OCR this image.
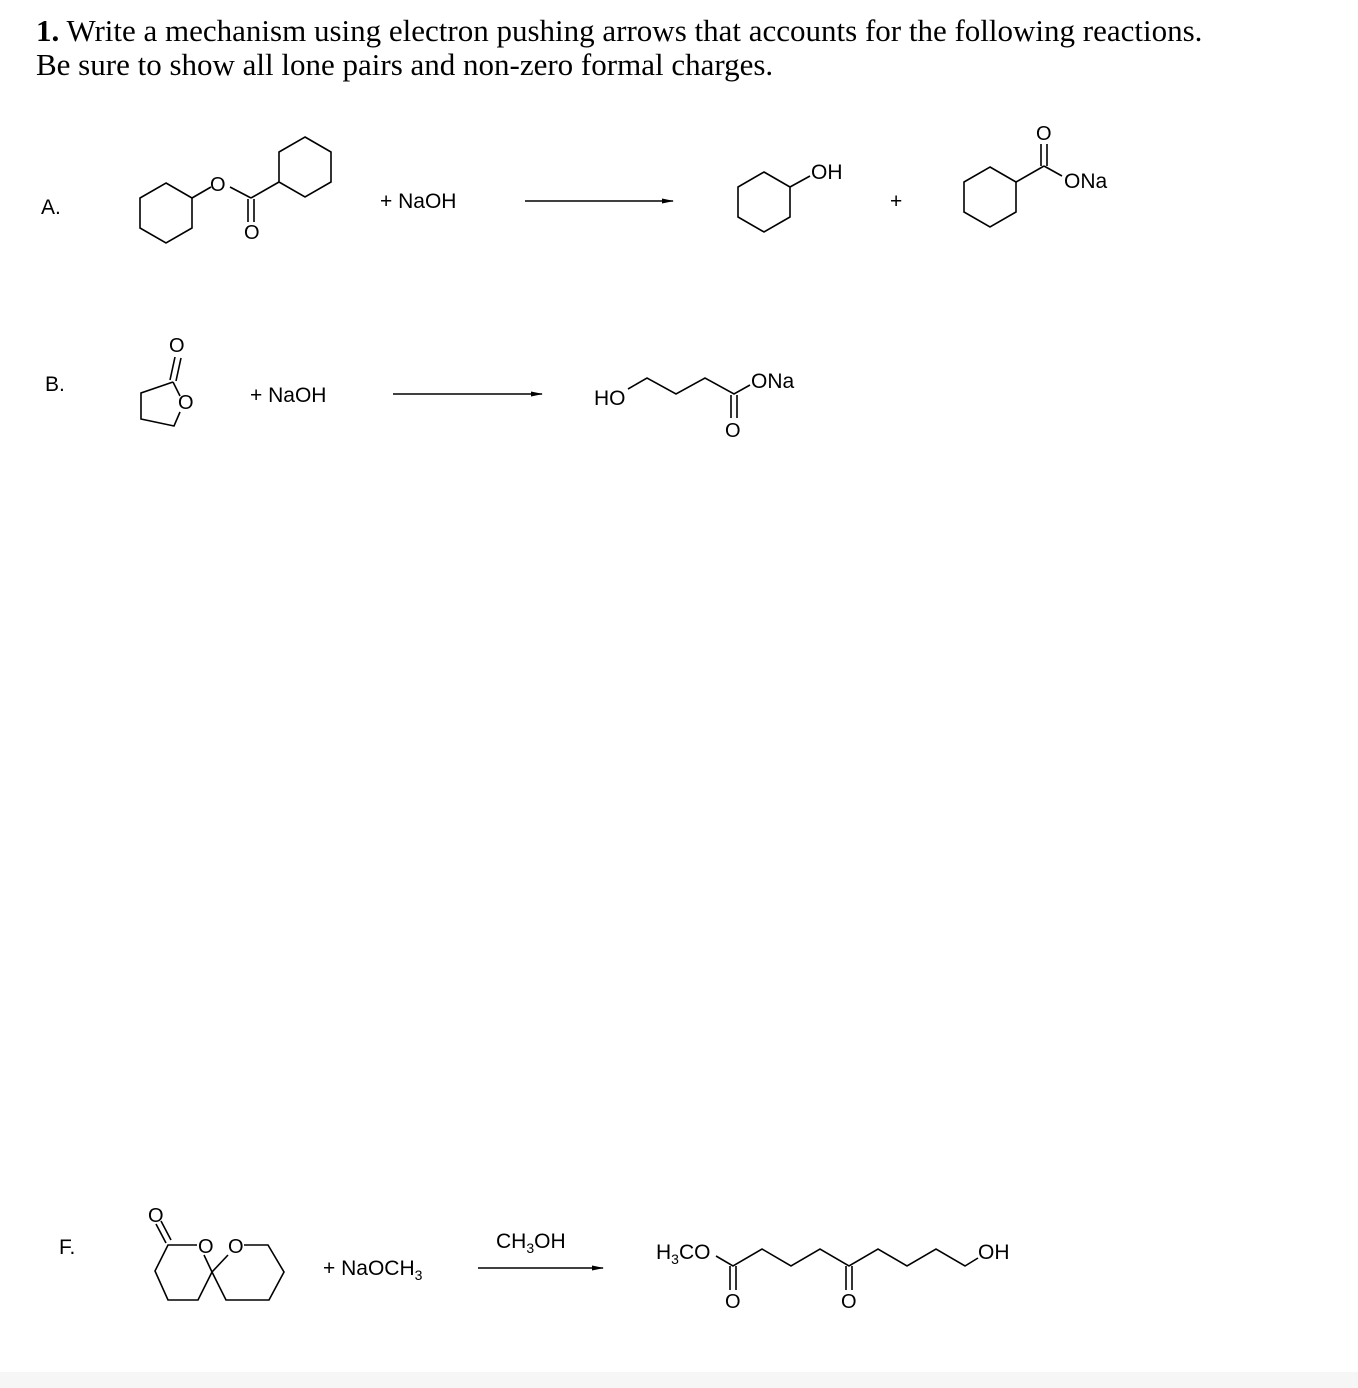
1. Write a mechanism using electron pushing arrows that accounts for the following reactions.
Be sure to show all lone pairs and non-zero formal charges.
A.
O
O
+ NaOH
OH
+
O
ONa
B.
O
O	+ NaOH	HO
O
ONa
F.
O
O O
+ NaOCH$_3$
$CH_3OH$	$H_3CO$
O	O
OH
